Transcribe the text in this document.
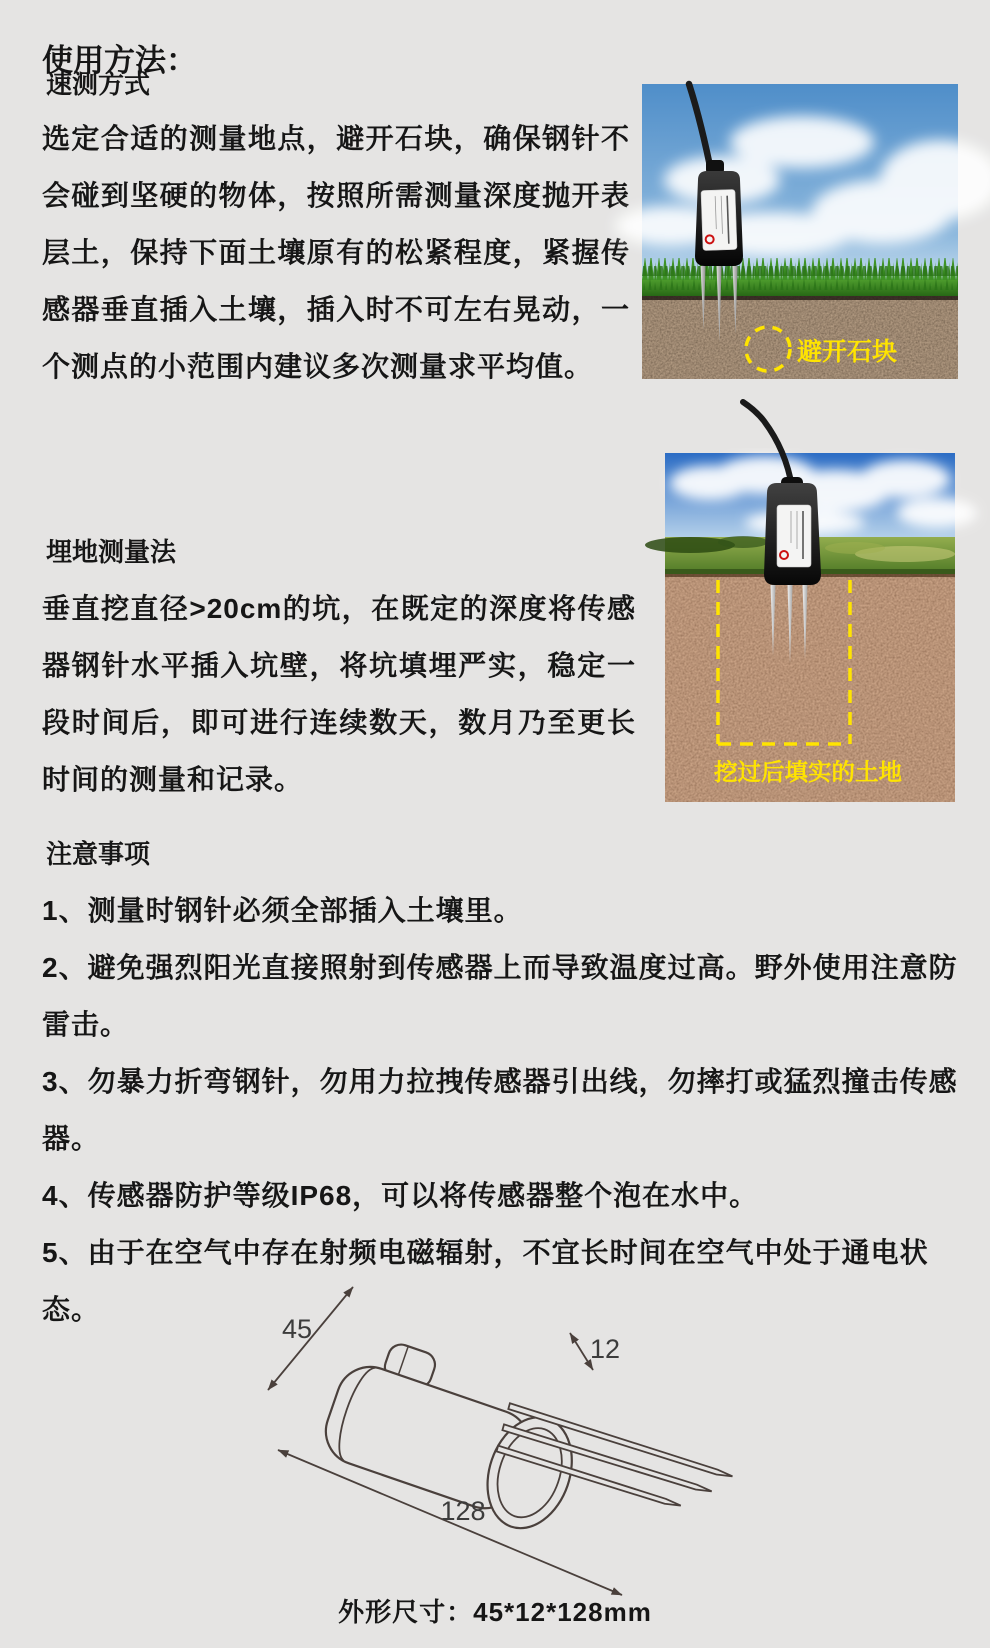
使用方法：
速测方式

选定合适的测量地点，避开石块，确保钢针不会碰到坚硬的物体，按照所需测量深度抛开表层土，保持下面土壤原有的松紧程度，紧握传感器垂直插入土壤，插入时不可左右晃动，一个测点的小范围内建议多次测量求平均值。	避开石块
埋地测量法

垂直挖直径>20cm的坑，在既定的深度将传感器钢针水平插入坑壁，将坑填埋严实，稳定一段时间后，即可进行连续数天，数月乃至更长时间的测量和记录。	挖过后填实的土地
注意事项

1、测量时钢针必须全部插入土壤里。

2、避免强烈阳光直接照射到传感器上而导致温度过高。野外使用注意防雷击。

3、勿暴力折弯钢针，勿用力拉拽传感器引出线，勿摔打或猛烈撞击传感器。

4、传感器防护等级IP68，可以将传感器整个泡在水中。

5、由于在空气中存在射频电磁辐射，不宜长时间在空气中处于通电状态。

45
12
128
外形尺寸：45*12*128mm
